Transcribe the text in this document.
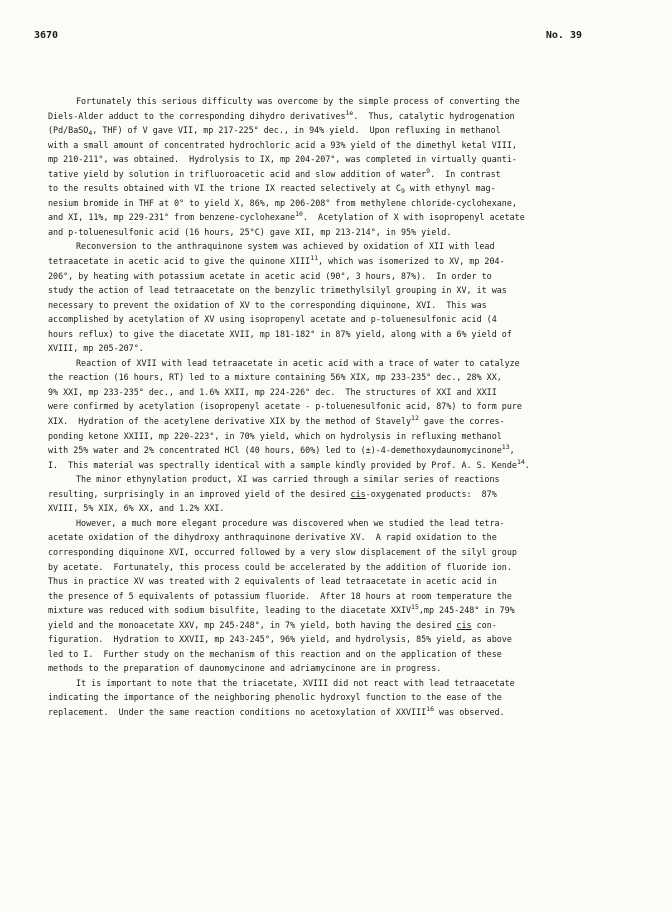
3670	No. 39
Fortunately this serious difficulty was overcome by the simple process of converting the
Diels-Alder adduct to the corresponding dihydro derivatives$^{1e}$.  Thus, catalytic hydrogenation
(Pd/BaSO$_4$, THF) of V gave VII, mp 217-225° dec., in 94% yield.  Upon refluxing in methanol
with a small amount of concentrated hydrochloric acid a 93% yield of the dimethyl ketal VIII,
mp 210-211°, was obtained.  Hydrolysis to IX, mp 204-207°, was completed in virtually quanti-
tative yield by solution in trifluoroacetic acid and slow addition of water$^9$.  In contrast
to the results obtained with VI the trione IX reacted selectively at $C_9$ with ethynyl mag-
nesium bromide in THF at 0° to yield X, 86%, mp 206-208° from methylene chloride-cyclohexane,
and XI, 11%, mp 229-231° from benzene-cyclohexane$^{10}$.  Acetylation of X with isopropenyl acetate
and p-toluenesulfonic acid (16 hours, 25°C) gave XII, mp 213-214°, in 95% yield.
Reconversion to the anthraquinone system was achieved by oxidation of XII with lead
tetraacetate in acetic acid to give the quinone XIII$^{11}$, which was isomerized to XV, mp 204-
206°, by heating with potassium acetate in acetic acid (90°, 3 hours, 87%).  In order to
study the action of lead tetraacetate on the benzylic trimethylsilyl grouping in XV, it was
necessary to prevent the oxidation of XV to the corresponding diquinone, XVI.  This was
accomplished by acetylation of XV using isopropenyl acetate and p-toluenesulfonic acid (4
hours reflux) to give the diacetate XVII, mp 181-182° in 87% yield, along with a 6% yield of
XVIII, mp 205-207°.
Reaction of XVII with lead tetraacetate in acetic acid with a trace of water to catalyze
the reaction (16 hours, RT) led to a mixture containing 56% XIX, mp 233-235° dec., 28% XX,
9% XXI, mp 233-235° dec., and 1.6% XXII, mp 224-226° dec.  The structures of XXI and XXII
were confirmed by acetylation (isopropenyl acetate - p-toluenesulfonic acid, 87%) to form pure
XIX.  Hydration of the acetylene derivative XIX by the method of Stavely$^{12}$ gave the corres-
ponding ketone XXIII, mp 220-223°, in 70% yield, which on hydrolysis in refluxing methanol
with 25% water and 2% concentrated HCl (40 hours, 60%) led to (±)-4-demethoxydaunomycinone$^{13}$,
I.  This material was spectrally identical with a sample kindly provided by Prof. A. S. Kende$^{14}$.
The minor ethynylation product, XI was carried through a similar series of reactions
resulting, surprisingly in an improved yield of the desired cis-oxygenated products:  87%
XVIII, 5% XIX, 6% XX, and 1.2% XXI.
However, a much more elegant procedure was discovered when we studied the lead tetra-
acetate oxidation of the dihydroxy anthraquinone derivative XV.  A rapid oxidation to the
corresponding diquinone XVI, occurred followed by a very slow displacement of the silyl group
by acetate.  Fortunately, this process could be accelerated by the addition of fluoride ion.
Thus in practice XV was treated with 2 equivalents of lead tetraacetate in acetic acid in
the presence of 5 equivalents of potassium fluoride.  After 18 hours at room temperature the
mixture was reduced with sodium bisulfite, leading to the diacetate XXIV$^{15}$,mp 245-248° in 79%
yield and the monoacetate XXV, mp 245-248°, in 7% yield, both having the desired cis con-
figuration.  Hydration to XXVII, mp 243-245°, 96% yield, and hydrolysis, 85% yield, as above
led to I.  Further study on the mechanism of this reaction and on the application of these
methods to the preparation of daunomycinone and adriamycinone are in progress.
It is important to note that the triacetate, XVIII did not react with lead tetraacetate
indicating the importance of the neighboring phenolic hydroxyl function to the ease of the
replacement.  Under the same reaction conditions no acetoxylation of XXVIII$^{16}$ was observed.
